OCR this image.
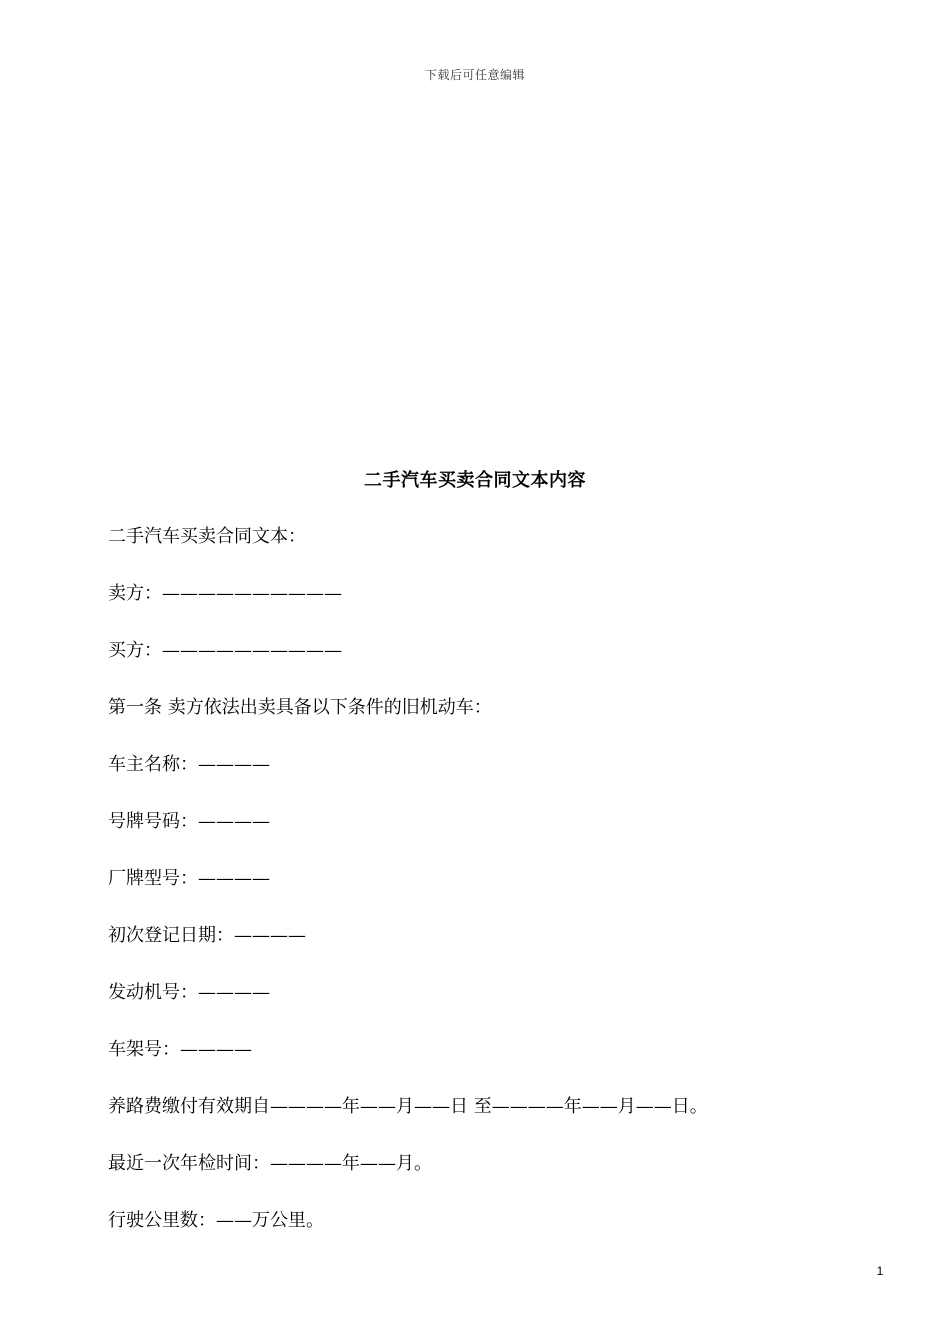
下载后可任意编辑
二手汽车买卖合同文本内容
二手汽车买卖合同文本：
卖方：——————————
买方：——————————
第一条 卖方依法出卖具备以下条件的旧机动车：
车主名称：————
号牌号码：————
厂牌型号：————
初次登记日期：————
发动机号：————
车架号：————
养路费缴付有效期自————年——月——日 至————年——月——日。
最近一次年检时间：————年——月。
行驶公里数：——万公里。
1
